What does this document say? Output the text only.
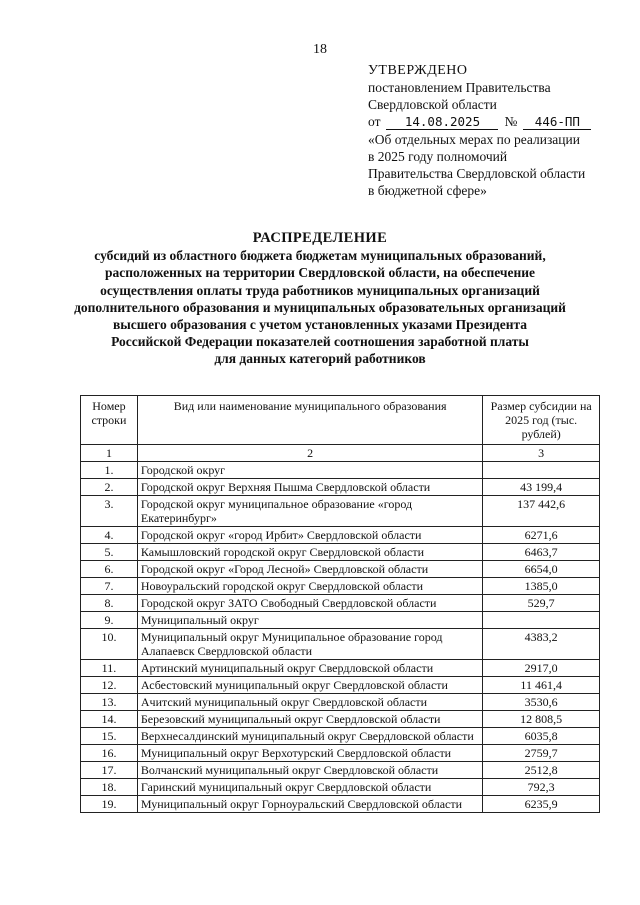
18
УТВЕРЖДЕНО
постановлением Правительства
Свердловской области
от 14.08.2025 № 446-ПП
«Об отдельных мерах по реализации
в 2025 году полномочий
Правительства Свердловской области
в бюджетной сфере»
РАСПРЕДЕЛЕНИЕ
субсидий из областного бюджета бюджетам муниципальных образований,
расположенных на территории Свердловской области, на обеспечение
осуществления оплаты труда работников муниципальных организаций
дополнительного образования и муниципальных образовательных организаций
высшего образования с учетом установленных указами Президента
Российской Федерации показателей соотношения заработной платы
для данных категорий работников
Номер строки	Вид или наименование муниципального образования	Размер субсидии на 2025 год (тыс. рублей)
1	2	3
1.	Городской округ	
2.	Городской округ Верхняя Пышма Свердловской области	43 199,4
3.	Городской округ муниципальное образование «город Екатеринбург»	137 442,6
4.	Городской округ «город Ирбит» Свердловской области	6271,6
5.	Камышловский городской округ Свердловской области	6463,7
6.	Городской округ «Город Лесной» Свердловской области	6654,0
7.	Новоуральский городской округ Свердловской области	1385,0
8.	Городской округ ЗАТО Свободный Свердловской области	529,7
9.	Муниципальный округ	
10.	Муниципальный округ Муниципальное образование город Алапаевск Свердловской области	4383,2
11.	Артинский муниципальный округ Свердловской области	2917,0
12.	Асбестовский муниципальный округ Свердловской области	11 461,4
13.	Ачитский муниципальный округ Свердловской области	3530,6
14.	Березовский муниципальный округ Свердловской области	12 808,5
15.	Верхнесалдинский муниципальный округ Свердловской области	6035,8
16.	Муниципальный округ Верхотурский Свердловской области	2759,7
17.	Волчанский муниципальный округ Свердловской области	2512,8
18.	Гаринский муниципальный округ Свердловской области	792,3
19.	Муниципальный округ Горноуральский Свердловской области	6235,9
